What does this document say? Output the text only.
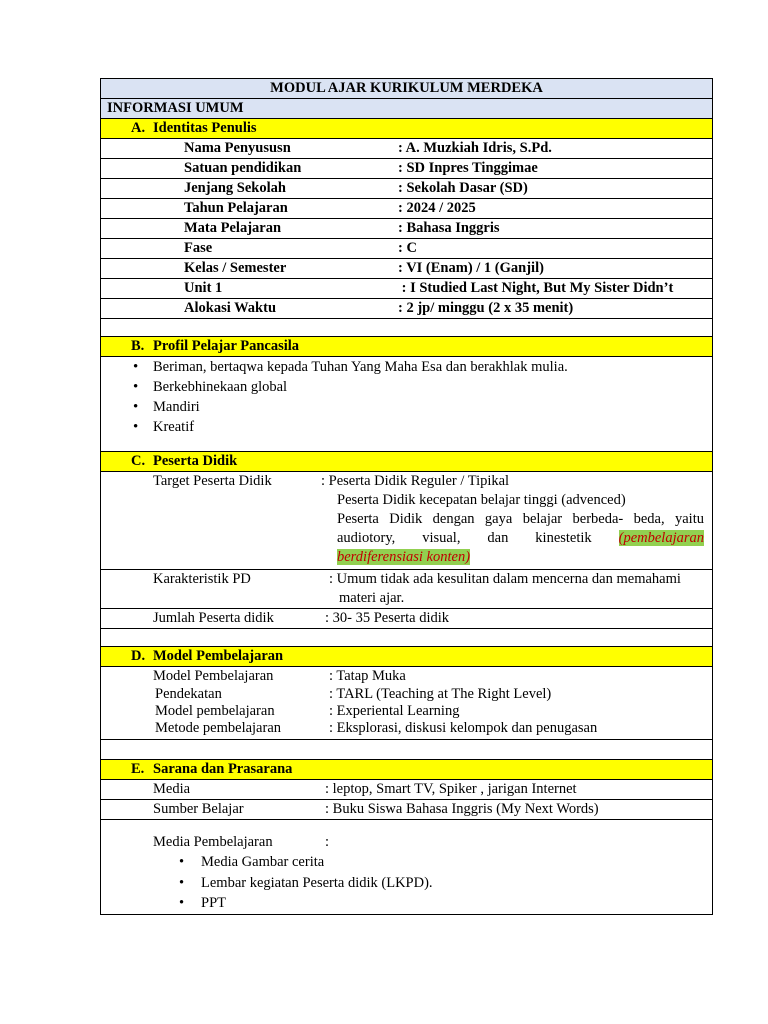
MODUL AJAR KURIKULUM MERDEKA
INFORMASI UMUM
A. Identitas Penulis
Nama Penyususn	: A. Muzkiah Idris, S.Pd.
Satuan pendidikan	: SD Inpres Tinggimae
Jenjang Sekolah	: Sekolah Dasar (SD)
Tahun Pelajaran	: 2024 / 2025
Mata Pelajaran	: Bahasa Inggris
Fase	: C
Kelas / Semester	: VI (Enam) / 1 (Ganjil)
Unit 1	: I Studied Last Night, But My Sister Didn’t
Alokasi Waktu	: 2 jp/ minggu (2 x 35 menit)

B. Profil Pelajar Pancasila

• Beriman, bertaqwa kepada Tuhan Yang Maha Esa dan berakhlak mulia.
• Berkebhinekaan global
• Mandiri
• Kreatif

C. Peserta Didik

Target Peserta Didik	: Peserta Didik Reguler / Tipikal
Peserta Didik kecepatan belajar tinggi (advenced)
Peserta Didik dengan gaya belajar berbeda- beda, yaitu
audiotory, visual, dan kinestetik (pembelajaran
berdiferensiasi konten)

Karakteristik PD	: Umum tidak ada kesulitan dalam mencerna dan memahami
materi ajar.

Jumlah Peserta didik	: 30- 35 Peserta didik

D. Model Pembelajaran

Model Pembelajaran	: Tatap Muka
Pendekatan	: TARL (Teaching at The Right Level)
Model pembelajaran	: Experiental Learning
Metode pembelajaran	: Eksplorasi, diskusi kelompok dan penugasan

E. Sarana dan Prasarana

Media	: leptop, Smart TV, Spiker , jarigan Internet

Sumber Belajar	: Buku Siswa Bahasa Inggris (My Next Words)

Media Pembelajaran	:
• Media Gambar cerita
• Lembar kegiatan Peserta didik (LKPD).
• PPT
